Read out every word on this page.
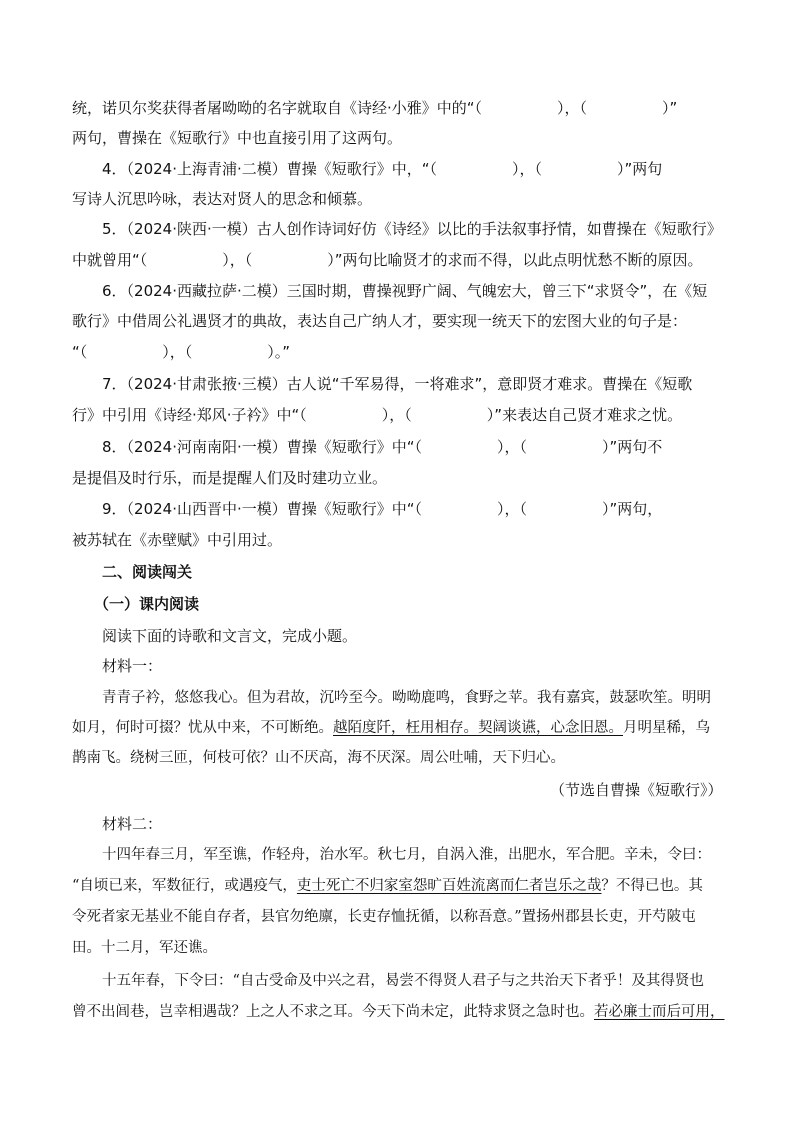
统，诺贝尔奖获得者屠呦呦的名字就取自《诗经·小雅》中的“（　　　　　），（　　　　　）”
两句，曹操在《短歌行》中也直接引用了这两句。
4．（2024·上海青浦·二模）曹操《短歌行》中，“（　　　　　），（　　　　　）”两句
写诗人沉思吟咏，表达对贤人的思念和倾慕。
5．（2024·陕西·一模）古人创作诗词好仿《诗经》以比的手法叙事抒情，如曹操在《短歌行》
中就曾用“（　　　　　），（　　　　　）”两句比喻贤才的求而不得，以此点明忧愁不断的原因。
6．（2024·西藏拉萨·二模）三国时期，曹操视野广阔、气魄宏大，曾三下“求贤令”，在《短
歌行》中借周公礼遇贤才的典故，表达自己广纳人才，要实现一统天下的宏图大业的句子是：
“（　　　　　），（　　　　　）。”
7．（2024·甘肃张掖·三模）古人说“千军易得，一将难求”，意即贤才难求。曹操在《短歌
行》中引用《诗经·郑风·子衿》中“（　　　　　），（　　　　　）”来表达自己贤才难求之忧。
8．（2024·河南南阳·一模）曹操《短歌行》中“（　　　　　），（　　　　　）”两句不
是提倡及时行乐，而是提醒人们及时建功立业。
9．（2024·山西晋中·一模）曹操《短歌行》中“（　　　　　），（　　　　　）”两句，
被苏轼在《赤壁赋》中引用过。
二、阅读闯关
（一）课内阅读
阅读下面的诗歌和文言文，完成小题。
材料一：
青青子衿，悠悠我心。但为君故，沉吟至今。呦呦鹿鸣，食野之苹。我有嘉宾，鼓瑟吹笙。明明
如月，何时可掇？忧从中来，不可断绝。越陌度阡，枉用相存。契阔谈䜩，心念旧恩。月明星稀，乌
鹊南飞。绕树三匝，何枝可依？山不厌高，海不厌深。周公吐哺，天下归心。
（节选自曹操《短歌行》）
材料二：
十四年春三月，军至谯，作轻舟，治水军。秋七月，自涡入淮，出肥水，军合肥。辛未，令曰：
“自顷已来，军数征行，或遇疫气，吏士死亡不归家室怨旷百姓流离而仁者岂乐之哉？不得已也。其
令死者家无基业不能自存者，县官勿绝廪，长吏存恤抚循，以称吾意。”置扬州郡县长吏，开芍陂屯
田。十二月，军还谯。
十五年春，下令曰：“自古受命及中兴之君，曷尝不得贤人君子与之共治天下者乎！及其得贤也
曾不出闾巷，岂幸相遇哉？上之人不求之耳。今天下尚未定，此特求贤之急时也。若必廉士而后可用，
